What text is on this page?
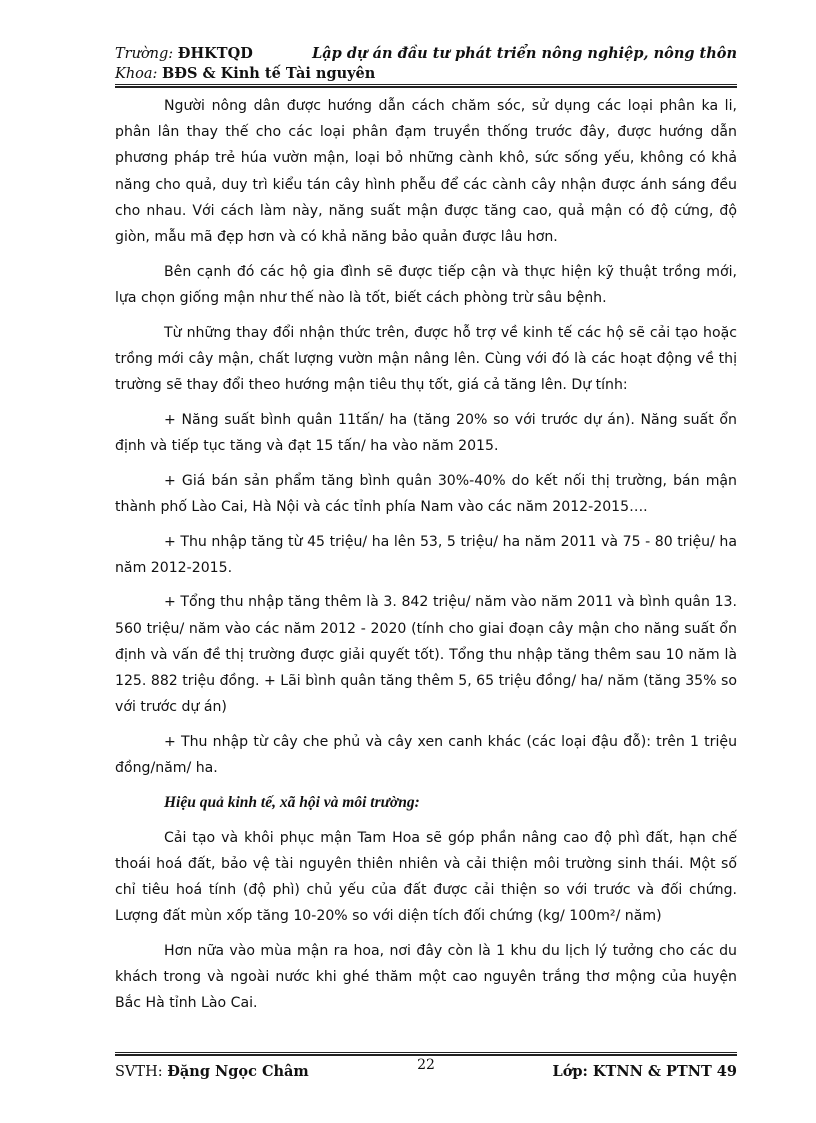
Trường: ĐHKTQD
Khoa: BĐS & Kinh tế Tài nguyên
Lập dự án đầu tư phát triển nông nghiệp, nông thôn

Người nông dân được hướng dẫn cách chăm sóc, sử dụng các loại phân ka li, phân lân thay thế cho các loại phân đạm truyền thống trước đây, được hướng dẫn phương pháp trẻ húa vườn mận, loại bỏ những cành khô, sức sống yếu, không có khả năng cho quả, duy trì kiểu tán cây hình phễu để các cành cây nhận được ánh sáng đều cho nhau. Với cách làm này, năng suất mận được tăng cao, quả mận có độ cứng, độ giòn, mẫu mã đẹp hơn và có khả năng bảo quản được lâu hơn.

Bên cạnh đó các hộ gia đình sẽ được tiếp cận và thực hiện kỹ thuật trồng mới, lựa chọn giống mận như thế nào là tốt, biết cách phòng trừ sâu bệnh.

Từ những thay đổi nhận thức trên, được hỗ trợ về kinh tế các hộ sẽ cải tạo hoặc trồng mới cây mận, chất lượng vườn mận nâng lên. Cùng với đó là các hoạt động về thị trường sẽ thay đổi theo hướng mận tiêu thụ tốt, giá cả tăng lên. Dự tính:

+ Năng suất bình quân 11tấn/ ha (tăng 20% so với trước dự án). Năng suất ổn định và tiếp tục tăng và đạt 15 tấn/ ha vào năm 2015.

+ Giá bán sản phẩm tăng bình quân 30%-40% do kết nối thị trường, bán mận thành phố Lào Cai, Hà Nội và các tỉnh phía Nam vào các năm 2012-2015….

+ Thu nhập tăng từ 45 triệu/ ha lên 53, 5 triệu/ ha năm 2011 và 75 - 80 triệu/ ha năm 2012-2015.

+ Tổng thu nhập tăng thêm là 3. 842 triệu/ năm vào năm 2011 và bình quân 13. 560 triệu/ năm vào các năm 2012 - 2020 (tính cho giai đoạn cây mận cho năng suất ổn định và vấn đề thị trường được giải quyết tốt). Tổng thu nhập tăng thêm sau 10 năm là 125. 882 triệu đồng. + Lãi bình quân tăng thêm 5, 65 triệu đồng/ ha/ năm (tăng 35% so với trước dự án)

+ Thu nhập từ cây che phủ và cây xen canh khác (các loại đậu đỗ): trên 1 triệu đồng/năm/ ha.

Hiệu quả kinh tế, xã hội và môi trường:

Cải tạo và khôi phục mận Tam Hoa sẽ góp phần nâng cao độ phì đất, hạn chế thoái hoá đất, bảo vệ tài nguyên thiên nhiên và cải thiện môi trường sinh thái. Một số chỉ tiêu hoá tính (độ phì) chủ yếu của đất được cải thiện so với trước và đối chứng. Lượng đất mùn xốp tăng 10-20% so với diện tích đối chứng (kg/ 100m²/ năm)

Hơn nữa vào mùa mận ra hoa, nơi đây còn là 1 khu du lịch lý tưởng cho các du khách trong và ngoài nước khi ghé thăm một cao nguyên trắng thơ mộng của huyện Bắc Hà tỉnh Lào Cai.

SVTH: Đặng Ngọc Châm	22	Lớp: KTNN & PTNT 49
